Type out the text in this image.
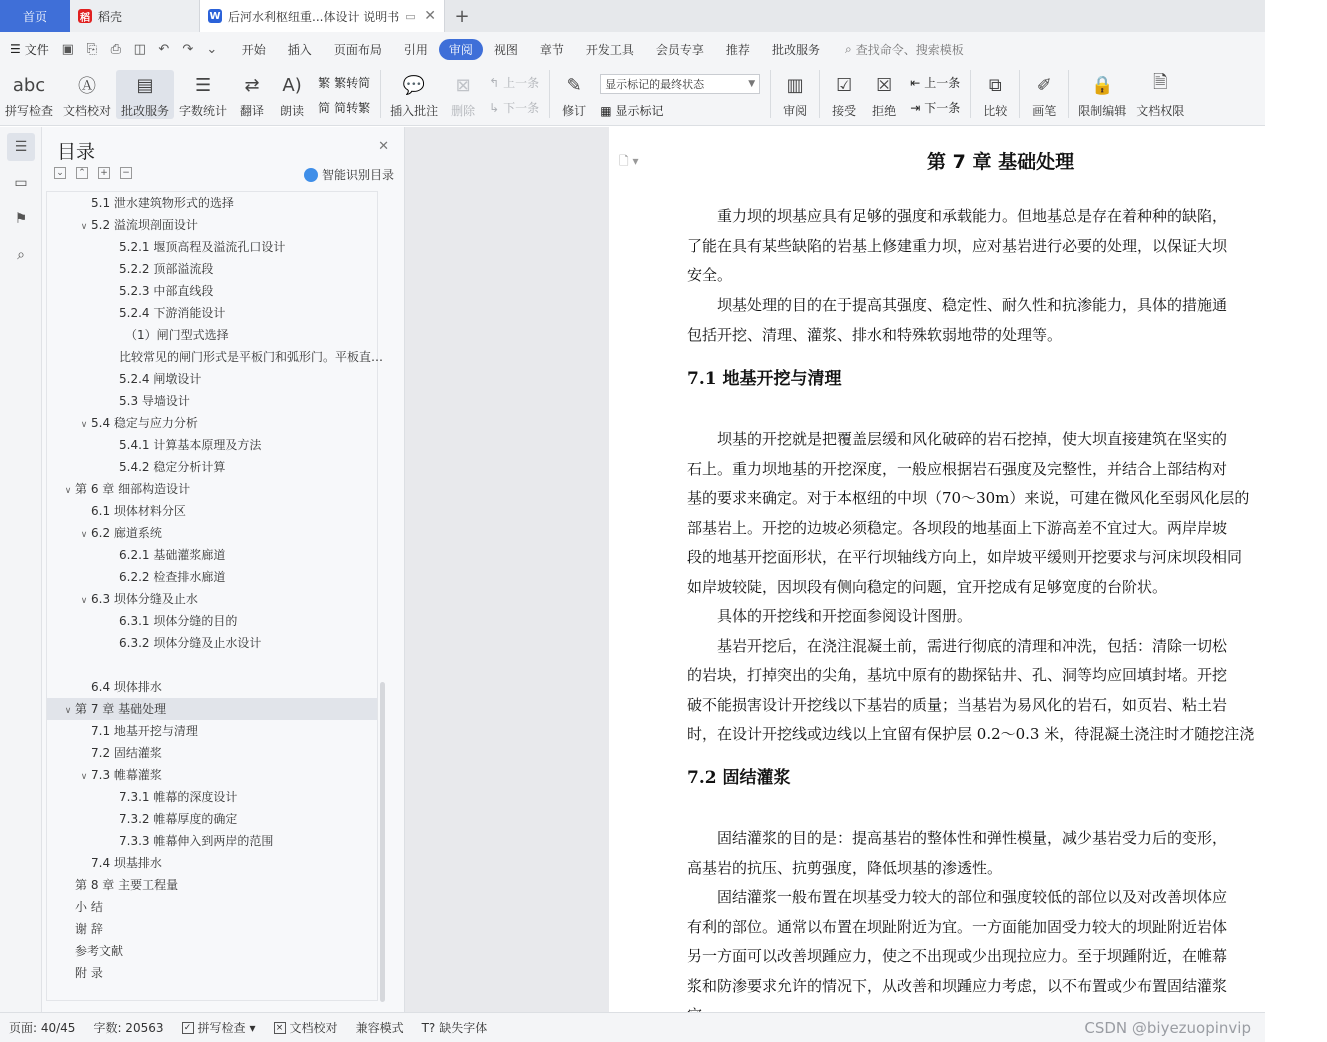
首页	稻 稻壳	W 后河水利枢纽重...体设计 说明书 ▭ ✕	+
☰ 文件 ▣ ⎘ ⎙ ◫ ↶ ↷ ⌄	开始	插入	页面布局	引用	审阅	视图	章节	开发工具	会员专享	推荐	批改服务	⌕ 查找命令、搜索模板
abc
拼写检查
Ⓐ
文档校对
▤
批改服务
☰
字数统计
⇄
翻译
A)
朗读
繁 繁转简
简 简转繁
💬
插入批注
⊠
删除
↰ 上一条
↳ 下一条
✎
修订
显示标记的最终状态	▼
▦ 显示标记
▥
审阅
☑
接受
☒
拒绝
⇤ 上一条
⇥ 下一条
⧉
比较
✐
画笔
🔒
限制编辑
🗎
文档权限
☰
▭
⚑
⌕
目录	✕
⌄ ⌃ + −	智能识别目录
5.1 泄水建筑物形式的选择
∨ 5.2 溢流坝剖面设计
5.2.1 堰顶高程及溢流孔口设计
5.2.2 顶部溢流段
5.2.3 中部直线段
5.2.4 下游消能设计
（1）闸门型式选择
比较常见的闸门形式是平板门和弧形门。平板直…
5.2.4 闸墩设计
5.3 导墙设计
∨ 5.4 稳定与应力分析
5.4.1 计算基本原理及方法
5.4.2 稳定分析计算
∨ 第 6 章 细部构造设计
6.1 坝体材料分区
∨ 6.2 廊道系统
6.2.1 基础灌浆廊道
6.2.2 检查排水廊道
∨ 6.3 坝体分缝及止水
6.3.1 坝体分缝的目的
6.3.2 坝体分缝及止水设计
6.4 坝体排水
∨ 第 7 章 基础处理
7.1 地基开挖与清理
7.2 固结灌浆
∨ 7.3 帷幕灌浆
7.3.1 帷幕的深度设计
7.3.2 帷幕厚度的确定
7.3.3 帷幕伸入到两岸的范围
7.4 坝基排水
第 8 章 主要工程量
小 结
谢 辞
参考文献
附 录
🗋 ▾	第 7 章 基础处理
　　重力坝的坝基应具有足够的强度和承载能力。但地基总是存在着种种的缺陷，
了能在具有某些缺陷的岩基上修建重力坝，应对基岩进行必要的处理，以保证大坝
安全。
　　坝基处理的目的在于提高其强度、稳定性、耐久性和抗渗能力，具体的措施通
包括开挖、清理、灌浆、排水和特殊软弱地带的处理等。
7.1 地基开挖与清理
　　坝基的开挖就是把覆盖层缓和风化破碎的岩石挖掉，使大坝直接建筑在坚实的
石上。重力坝地基的开挖深度，一般应根据岩石强度及完整性，并结合上部结构对
基的要求来确定。对于本枢纽的中坝（70～30m）来说，可建在微风化至弱风化层的
部基岩上。开挖的边坡必须稳定。各坝段的地基面上下游高差不宜过大。两岸岸坡
段的地基开挖面形状，在平行坝轴线方向上，如岸坡平缓则开挖要求与河床坝段相同
如岸坡较陡，因坝段有侧向稳定的问题，宜开挖成有足够宽度的台阶状。
　　具体的开挖线和开挖面参阅设计图册。
　　基岩开挖后，在浇注混凝土前，需进行彻底的清理和冲洗，包括：清除一切松
的岩块，打掉突出的尖角，基坑中原有的勘探钻井、孔、洞等均应回填封堵。开挖
破不能损害设计开挖线以下基岩的质量；当基岩为易风化的岩石，如页岩、粘土岩
时，在设计开挖线或边线以上宜留有保护层 0.2～0.3 米，待混凝土浇注时才随挖注浇
7.2 固结灌浆
　　固结灌浆的目的是：提高基岩的整体性和弹性模量，减少基岩受力后的变形，
高基岩的抗压、抗剪强度，降低坝基的渗透性。
　　固结灌浆一般布置在坝基受力较大的部位和强度较低的部位以及对改善坝体应
有利的部位。通常以布置在坝趾附近为宜。一方面能加固受力较大的坝趾附近岩体
另一方面可以改善坝踵应力，使之不出现或少出现拉应力。至于坝踵附近，在帷幕
浆和防渗要求允许的情况下，从改善和坝踵应力考虑，以不布置或少布置固结灌浆
页面: 40/45	字数: 20563	✓ 拼写检查 ▾ × 文档校对	兼容模式	T? 缺失字体	CSDN @biyezuopinvip
